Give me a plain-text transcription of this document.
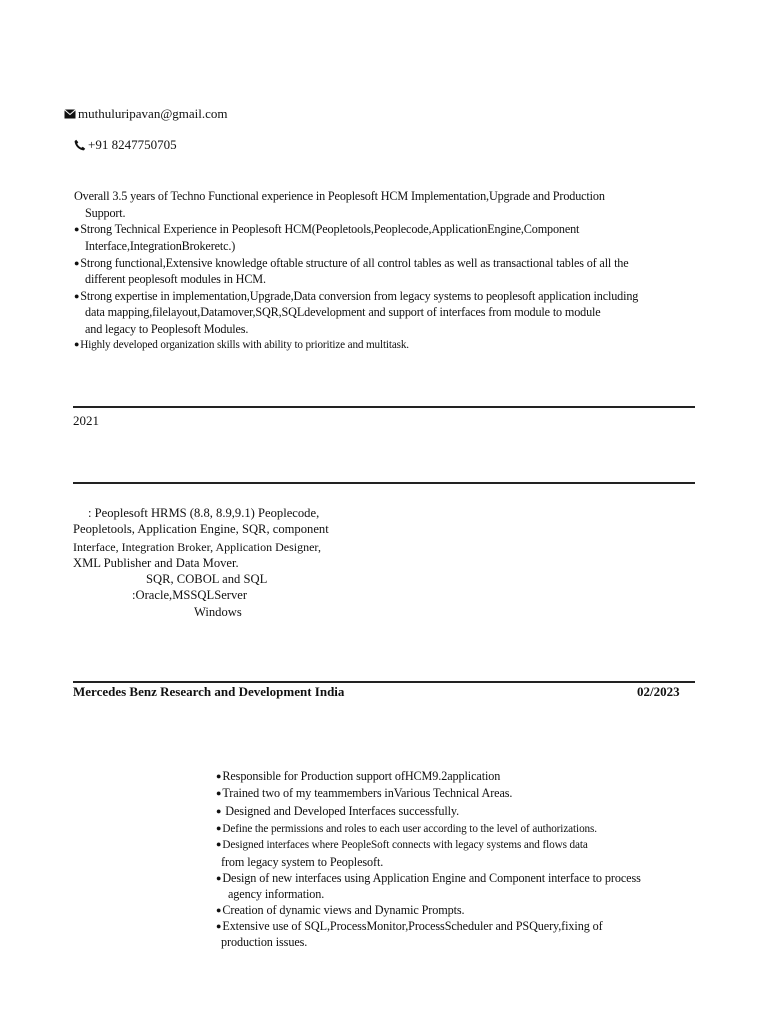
muthuluripavan@gmail.com
+91 8247750705
Overall 3.5 years of Techno Functional experience in Peoplesoft HCM Implementation,Upgrade and Production
Support.
●Strong Technical Experience in Peoplesoft HCM(Peopletools,Peoplecode,ApplicationEngine,Component
Interface,IntegrationBrokeretc.)
●Strong functional,Extensive knowledge oftable structure of all control tables as well as transactional tables of all the
different peoplesoft modules in HCM.
●Strong expertise in implementation,Upgrade,Data conversion from legacy systems to peoplesoft application including
data mapping,filelayout,Datamover,SQR,SQLdevelopment and support of interfaces from module to module
and legacy to Peoplesoft Modules.
●Highly developed organization skills with ability to prioritize and multitask.
2021
: Peoplesoft HRMS (8.8, 8.9,9.1) Peoplecode,
Peopletools, Application Engine, SQR, component
Interface, Integration Broker, Application Designer,
XML Publisher and Data Mover.
SQR, COBOL and SQL
:Oracle,MSSQLServer
Windows
Mercedes Benz Research and Development India	02/2023
●Responsible for Production support ofHCM9.2application
●Trained two of my teammembers inVarious Technical Areas.
● Designed and Developed Interfaces successfully.
●Define the permissions and roles to each user according to the level of authorizations.
●Designed interfaces where PeopleSoft connects with legacy systems and flows data
from legacy system to Peoplesoft.
●Design of new interfaces using Application Engine and Component interface to process
agency information.
●Creation of dynamic views and Dynamic Prompts.
●Extensive use of SQL,ProcessMonitor,ProcessScheduler and PSQuery,fixing of
production issues.
